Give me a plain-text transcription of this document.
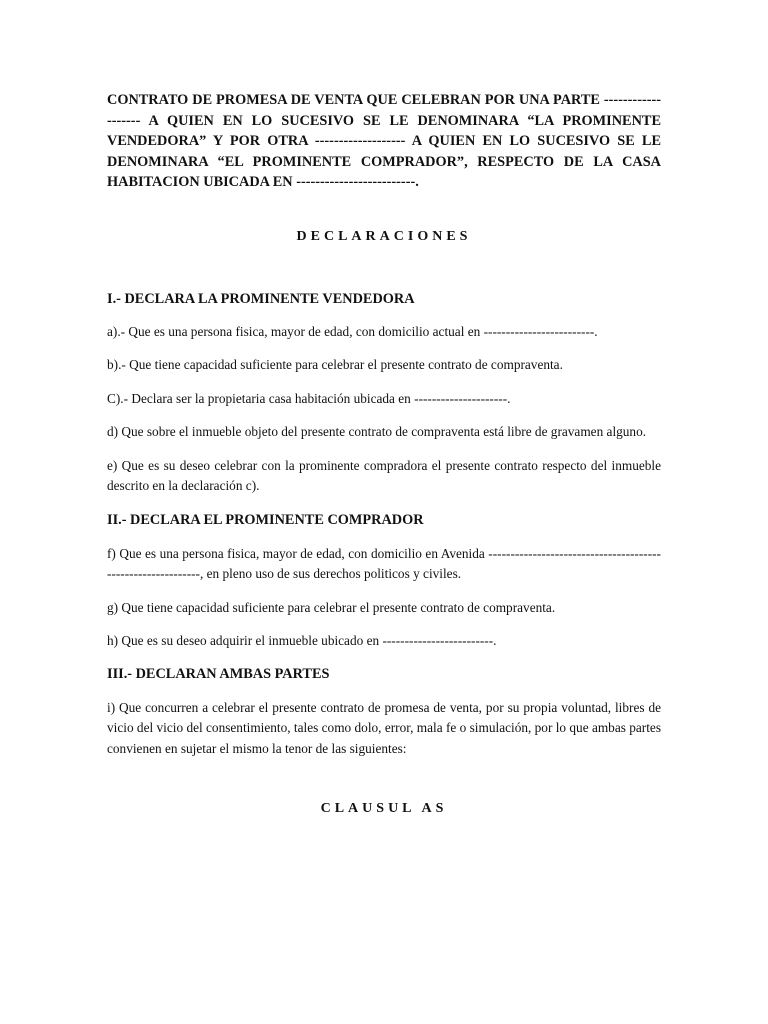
CONTRATO DE PROMESA DE VENTA QUE CELEBRAN POR UNA PARTE ------------------- A QUIEN EN LO SUCESIVO SE LE DENOMINARA “LA PROMINENTE VENDEDORA” Y POR OTRA ------------------- A QUIEN EN LO SUCESIVO SE LE DENOMINARA “EL PROMINENTE COMPRADOR”, RESPECTO DE LA CASA HABITACION UBICADA EN -------------------------.

DECLARACIONES

I.- DECLARA LA PROMINENTE VENDEDORA

a).- Que es una persona fisica, mayor de edad, con domicilio actual en -------------------------.

b).- Que tiene capacidad suficiente para celebrar el presente contrato de compraventa.

C).- Declara ser la propietaria casa habitación ubicada en ---------------------.

d) Que sobre el inmueble objeto del presente contrato de compraventa está libre de gravamen alguno.

e) Que es su deseo celebrar con la prominente compradora el presente contrato respecto del inmueble descrito en la declaración c).

II.- DECLARA EL PROMINENTE COMPRADOR

f) Que es una persona fisica, mayor de edad, con domicilio en Avenida ------------------------------------------------------------, en pleno uso de sus derechos politicos y civiles.

g) Que tiene capacidad suficiente para celebrar el presente contrato de compraventa.

h) Que es su deseo adquirir el inmueble ubicado en -------------------------.

III.- DECLARAN AMBAS PARTES

i) Que concurren a celebrar el presente contrato de promesa de venta, por su propia voluntad, libres de vicio del vicio del consentimiento, tales como dolo, error, mala fe o simulación, por lo que ambas partes convienen en sujetar el mismo la tenor de las siguientes:

CLAUSUL AS
